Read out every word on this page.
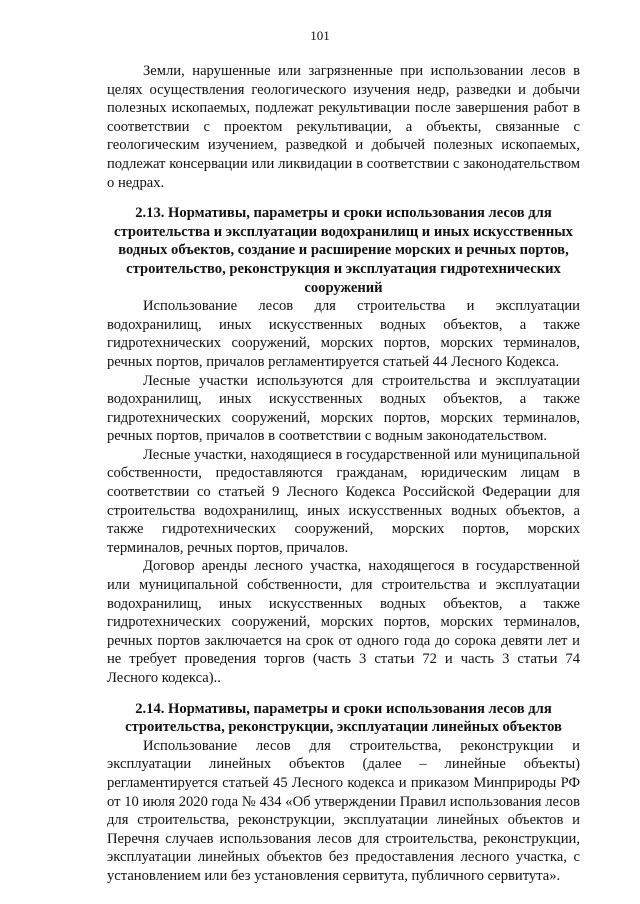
101

Земли, нарушенные или загрязненные при использовании лесов в целях осуществления геологического изучения недр, разведки и добычи полезных ископаемых, подлежат рекультивации после завершения работ в соответствии с проектом рекультивации, а объекты, связанные с геологическим изучением, разведкой и добычей полезных ископаемых, подлежат консервации или ликвидации в соответствии с законодательством о недрах.

2.13. Нормативы, параметры и сроки использования лесов для строительства и эксплуатации водохранилищ и иных искусственных водных объектов, создание и расширение морских и речных портов, строительство, реконструкция и эксплуатация гидротехнических сооружений

Использование лесов для строительства и эксплуатации водохранилищ, иных искусственных водных объектов, а также гидротехнических сооружений, морских портов, морских терминалов, речных портов, причалов регламентируется статьей 44 Лесного Кодекса.

Лесные участки используются для строительства и эксплуатации водохранилищ, иных искусственных водных объектов, а также гидротехнических сооружений, морских портов, морских терминалов, речных портов, причалов в соответствии с водным законодательством.

Лесные участки, находящиеся в государственной или муниципальной собственности, предоставляются гражданам, юридическим лицам в соответствии со статьей 9 Лесного Кодекса Российской Федерации для строительства водохранилищ, иных искусственных водных объектов, а также гидротехнических сооружений, морских портов, морских терминалов, речных портов, причалов.

Договор аренды лесного участка, находящегося в государственной или муниципальной собственности, для строительства и эксплуатации водохранилищ, иных искусственных водных объектов, а также гидротехнических сооружений, морских портов, морских терминалов, речных портов заключается на срок от одного года до сорока девяти лет и не требует проведения торгов (часть 3 статьи 72 и часть 3 статьи 74 Лесного кодекса)..

2.14. Нормативы, параметры и сроки использования лесов для строительства, реконструкции, эксплуатации линейных объектов

Использование лесов для строительства, реконструкции и эксплуатации линейных объектов (далее – линейные объекты) регламентируется статьей 45 Лесного кодекса и приказом Минприроды РФ от 10 июля 2020 года № 434 «Об утверждении Правил использования лесов для строительства, реконструкции, эксплуатации линейных объектов и Перечня случаев использования лесов для строительства, реконструкции, эксплуатации линейных объектов без предоставления лесного участка, с установлением или без установления сервитута, публичного сервитута».
